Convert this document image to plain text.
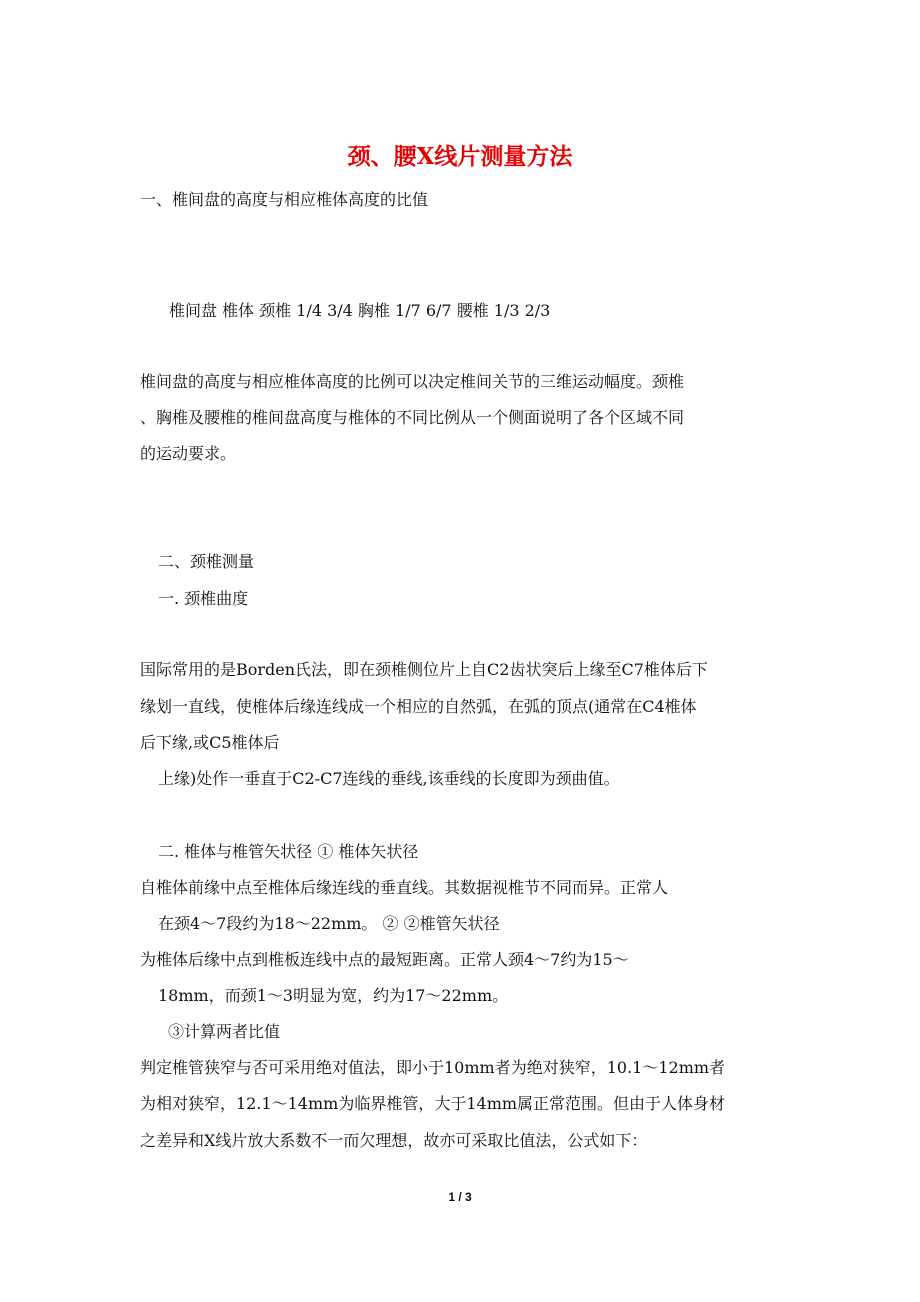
颈、腰X线片测量方法
一、椎间盘的高度与相应椎体高度的比值
椎间盘 椎体 颈椎 1/4 3/4 胸椎 1/7 6/7 腰椎 1/3 2/3
椎间盘的高度与相应椎体高度的比例可以决定椎间关节的三维运动幅度。颈椎
、胸椎及腰椎的椎间盘高度与椎体的不同比例从一个侧面说明了各个区域不同
的运动要求。
二、颈椎测量
一. 颈椎曲度
国际常用的是Borden氏法，即在颈椎侧位片上自C2齿状突后上缘至C7椎体后下
缘划一直线，使椎体后缘连线成一个相应的自然弧，在弧的顶点(通常在C4椎体
后下缘,或C5椎体后
上缘)处作一垂直于C2-C7连线的垂线,该垂线的长度即为颈曲值。
二. 椎体与椎管矢状径 ① 椎体矢状径
自椎体前缘中点至椎体后缘连线的垂直线。其数据视椎节不同而异。正常人
在颈4～7段约为18～22mm。 ② ②椎管矢状径
为椎体后缘中点到椎板连线中点的最短距离。正常人颈4～7约为15～
18mm，而颈1～3明显为宽，约为17～22mm。
③计算两者比值
判定椎管狭窄与否可采用绝对值法，即小于10mm者为绝对狭窄，10.1～12mm者
为相对狭窄，12.1～14mm为临界椎管，大于14mm属正常范围。但由于人体身材
之差异和X线片放大系数不一而欠理想，故亦可采取比值法，公式如下：
1 / 3
